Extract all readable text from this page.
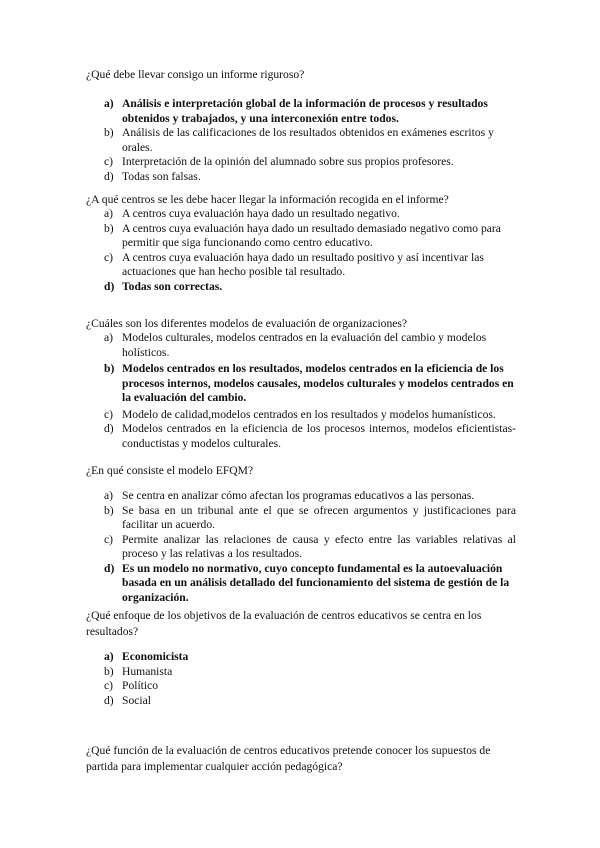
¿Qué debe llevar consigo un informe riguroso?

a) Análisis e interpretación global de la información de procesos y resultados obtenidos y trabajados, y una interconexión entre todos.
b) Análisis de las calificaciones de los resultados obtenidos en exámenes escritos y orales.
c) Interpretación de la opinión del alumnado sobre sus propios profesores.
d) Todas son falsas.

¿A qué centros se les debe hacer llegar la información recogida en el informe?

a) A centros cuya evaluación haya dado un resultado negativo.
b) A centros cuya evaluación haya dado un resultado demasiado negativo como para permitir que siga funcionando como centro educativo.
c) A centros cuya evaluación haya dado un resultado positivo y así incentivar las actuaciones que han hecho posible tal resultado.
d) Todas son correctas.

¿Cuáles son los diferentes modelos de evaluación de organizaciones?

a) Modelos culturales, modelos centrados en la evaluación del cambio y modelos holísticos.
b) Modelos centrados en los resultados, modelos centrados en la eficiencia de los procesos internos, modelos causales, modelos culturales y modelos centrados en la evaluación del cambio.
c) Modelo de calidad,modelos centrados en los resultados y modelos humanísticos.
d) Modelos centrados en la eficiencia de los procesos internos, modelos eficientistas- conductistas y modelos culturales.

¿En qué consiste el modelo EFQM?

a) Se centra en analizar cómo afectan los programas educativos a las personas.
b) Se basa en un tribunal ante el que se ofrecen argumentos y justificaciones para facilitar un acuerdo.
c) Permite analizar las relaciones de causa y efecto entre las variables relativas al proceso y las relativas a los resultados.
d) Es un modelo no normativo, cuyo concepto fundamental es la autoevaluación basada en un análisis detallado del funcionamiento del sistema de gestión de la organización.

¿Qué enfoque de los objetivos de la evaluación de centros educativos se centra en los resultados?

a) Economicista
b) Humanista
c) Político
d) Social

¿Qué función de la evaluación de centros educativos pretende conocer los supuestos de partida para implementar cualquier acción pedagógica?
